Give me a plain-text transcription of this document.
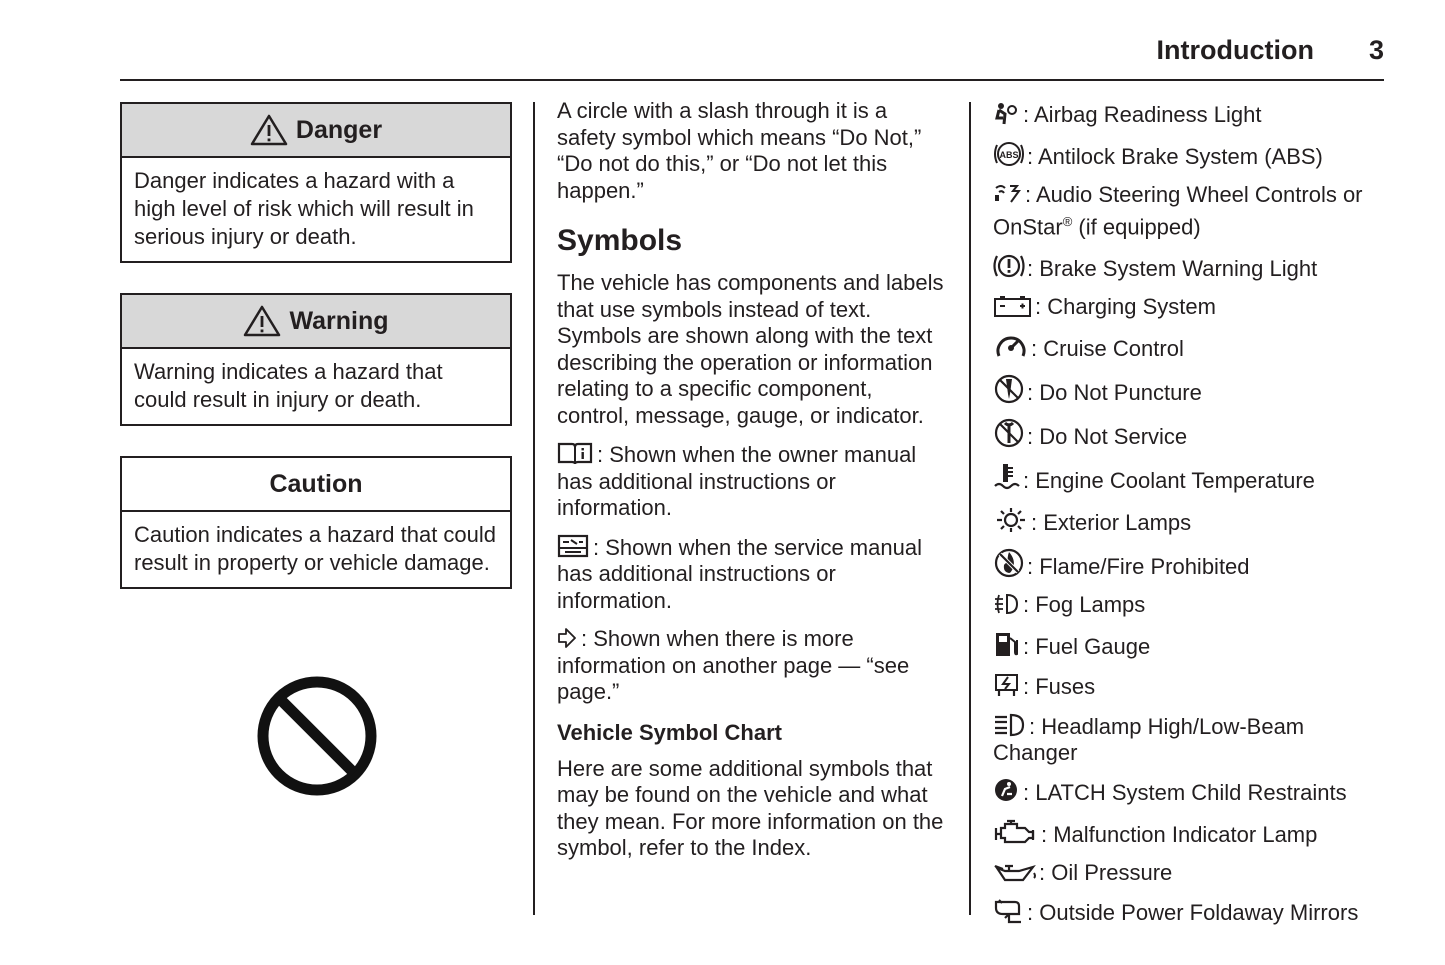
Introduction 3
Danger
Danger indicates a hazard with a high level of risk which will result in serious injury or death.
Warning
Warning indicates a hazard that could result in injury or death.
Caution
Caution indicates a hazard that could result in property or vehicle damage.

A circle with a slash through it is a safety symbol which means “Do Not,” “Do not do this,” or “Do not let this happen.”

Symbols

The vehicle has components and labels that use symbols instead of text. Symbols are shown along with the text describing the operation or information relating to a specific component, control, message, gauge, or indicator.

: Shown when the owner manual has additional instructions or information.

: Shown when the service manual has additional instructions or information.

: Shown when there is more information on another page — “see page.”

Vehicle Symbol Chart

Here are some additional symbols that may be found on the vehicle and what they mean. For more information on the symbol, refer to the Index.

: Airbag Readiness Light
ABS : Antilock Brake System (ABS)
: Audio Steering Wheel Controls or OnStar® (if equipped)
: Brake System Warning Light
: Charging System
: Cruise Control
: Do Not Puncture
: Do Not Service
: Engine Coolant Temperature
: Exterior Lamps
: Flame/Fire Prohibited
: Fog Lamps
: Fuel Gauge
: Fuses
: Headlamp High/Low-Beam Changer
: LATCH System Child Restraints
: Malfunction Indicator Lamp
: Oil Pressure
: Outside Power Foldaway Mirrors
